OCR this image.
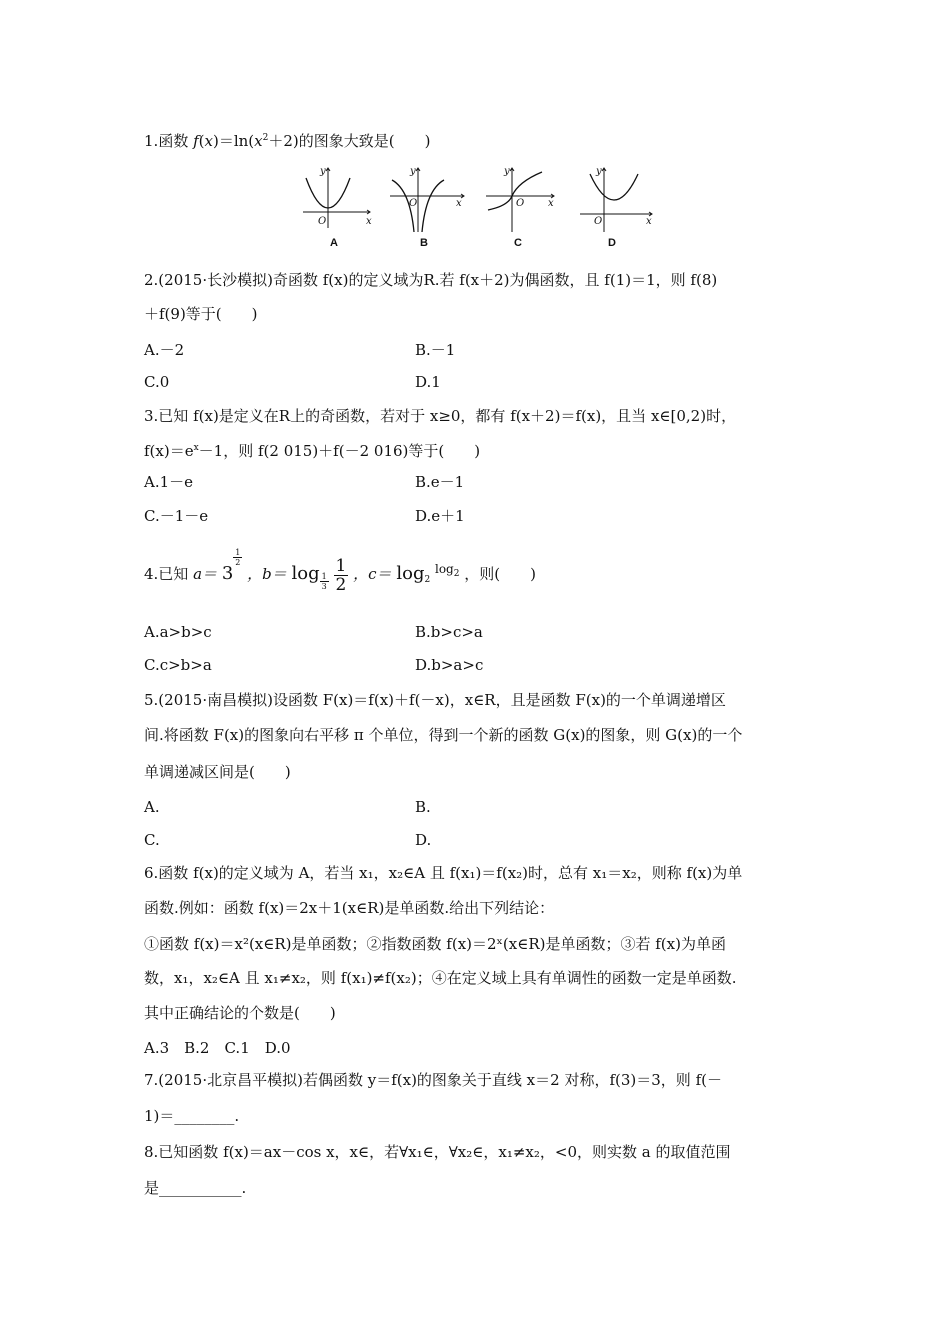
1.函数 $f(x)=\ln(x^2+2)$的图象大致是(　　)
y
x
O
y
x
O
y
x
O
y
x
O
A	B	C	D
2.(2015·长沙模拟)奇函数 f(x)的定义域为R.若 f(x＋2)为偶函数，且 f(1)＝1，则 f(8)
＋f(9)等于(　　)
A.－2	B.－1
C.0	D.1
3.已知 f(x)是定义在R上的奇函数，若对于 x≥0，都有 f(x＋2)＝f(x)，且当 x∈[0,2)时，
$f(x)=e^x-1$，则 f(2 015)＋f(－2 016)等于(　　)
A.1－e	B.e－1
C.－1－e	D.e＋1
4.已知 a＝ 3
$\frac{1}{2}$
，$b= \log \frac{1}{3}$
$\frac{1}{2}$ ，$c= \log_2 ^{log}_2$ ，则(　　)
A.a>b>c	B.b>c>a
C.c>b>a	D.b>a>c
5.(2015·南昌模拟)设函数 F(x)＝f(x)＋f(－x)，x∈R，且是函数 F(x)的一个单调递增区
间.将函数 F(x)的图象向右平移 π 个单位，得到一个新的函数 G(x)的图象，则 G(x)的一个
单调递减区间是(　　)
A.	B.
C.	D.
6.函数 f(x)的定义域为 A，若当 x₁，x₂∈A 且 f(x₁)＝f(x₂)时，总有 x₁＝x₂，则称 f(x)为单
函数.例如：函数 f(x)＝2x＋1(x∈R)是单函数.给出下列结论：
①函数 f(x)＝x²(x∈R)是单函数；②指数函数 f(x)＝2ˣ(x∈R)是单函数；③若 f(x)为单函
数，x₁，x₂∈A 且 x₁≠x₂，则 f(x₁)≠f(x₂)；④在定义域上具有单调性的函数一定是单函数.
其中正确结论的个数是(　　)
A.3　B.2　C.1　D.0
7.(2015·北京昌平模拟)若偶函数 y＝f(x)的图象关于直线 x＝2 对称，f(3)＝3，则 f(－
1)＝________.
8.已知函数 f(x)＝ax－cos x，x∈，若∀x₁∈，∀x₂∈，x₁≠x₂，<0，则实数 a 的取值范围
是___________.
